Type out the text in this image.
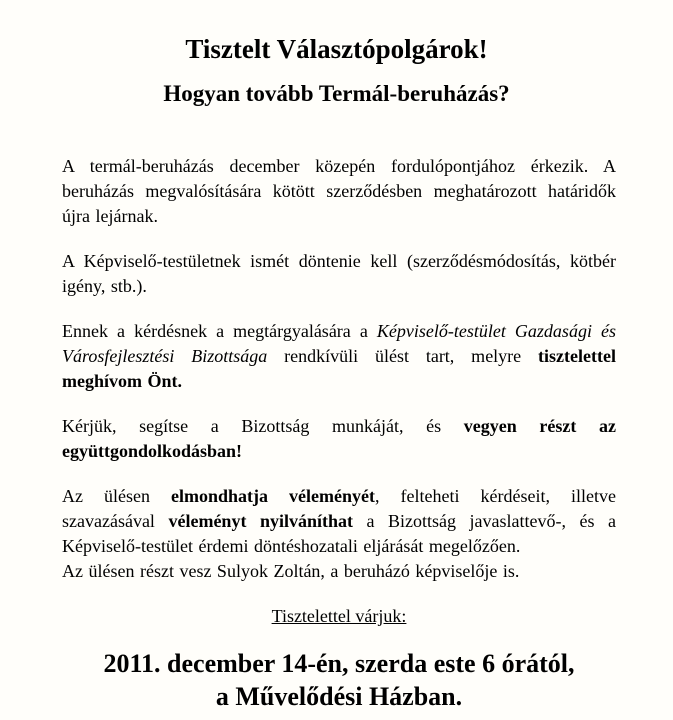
Tisztelt Választópolgárok!
Hogyan tovább Termál-beruházás?

A termál-beruházás december közepén fordulópontjához érkezik. A beruházás megvalósítására kötött szerződésben meghatározott határidők újra lejárnak.

A Képviselő-testületnek ismét döntenie kell (szerződésmódosítás, kötbér igény, stb.).

Ennek a kérdésnek a megtárgyalására a Képviselő-testület Gazdasági és Városfejlesztési Bizottsága rendkívüli ülést tart, melyre tisztelettel meghívom Önt.

Kérjük, segítse a Bizottság munkáját, és vegyen részt az együttgondolkodásban!

Az ülésen elmondhatja véleményét, felteheti kérdéseit, illetve szavazásával véleményt nyilváníthat a Bizottság javaslattevő-, és a Képviselő-testület érdemi döntéshozatali eljárását megelőzően.
Az ülésen részt vesz Sulyok Zoltán, a beruházó képviselője is.

Tisztelettel várjuk:

2011. december 14-én, szerda este 6 órától,
a Művelődési Házban.
